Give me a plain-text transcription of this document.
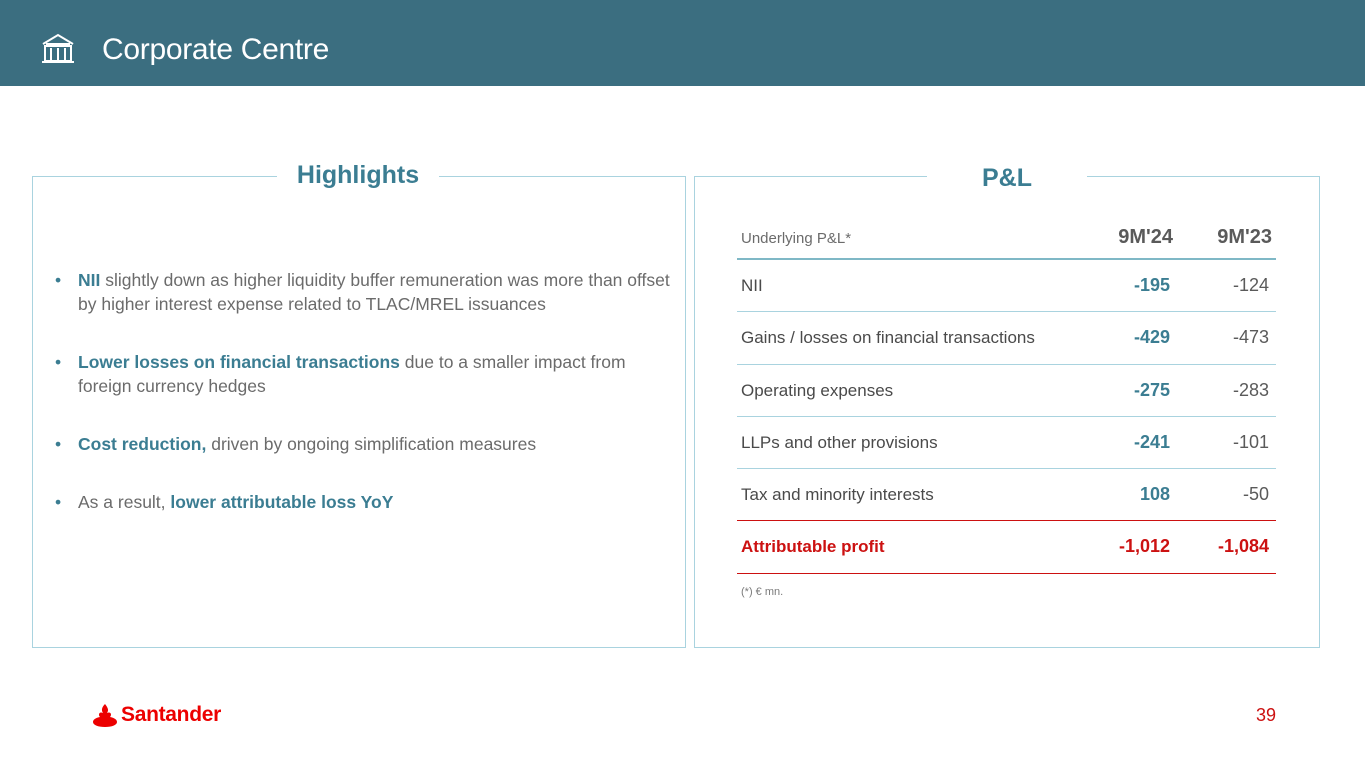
Corporate Centre
Highlights
• NII slightly down as higher liquidity buffer remuneration was more than offset by higher interest expense related to TLAC/MREL issuances
• Lower losses on financial transactions due to a smaller impact from foreign currency hedges
• Cost reduction, driven by ongoing simplification measures
• As a result, lower attributable loss YoY
P&L
Underlying P&L*	9M'24 9M'23
NII	-195	-124
Gains / losses on financial transactions	-429	-473
Operating expenses	-275	-283
LLPs and other provisions	-241	-101
Tax and minority interests	108	-50
Attributable profit	-1,012	-1,084
(*) € mn.
Santander	39
